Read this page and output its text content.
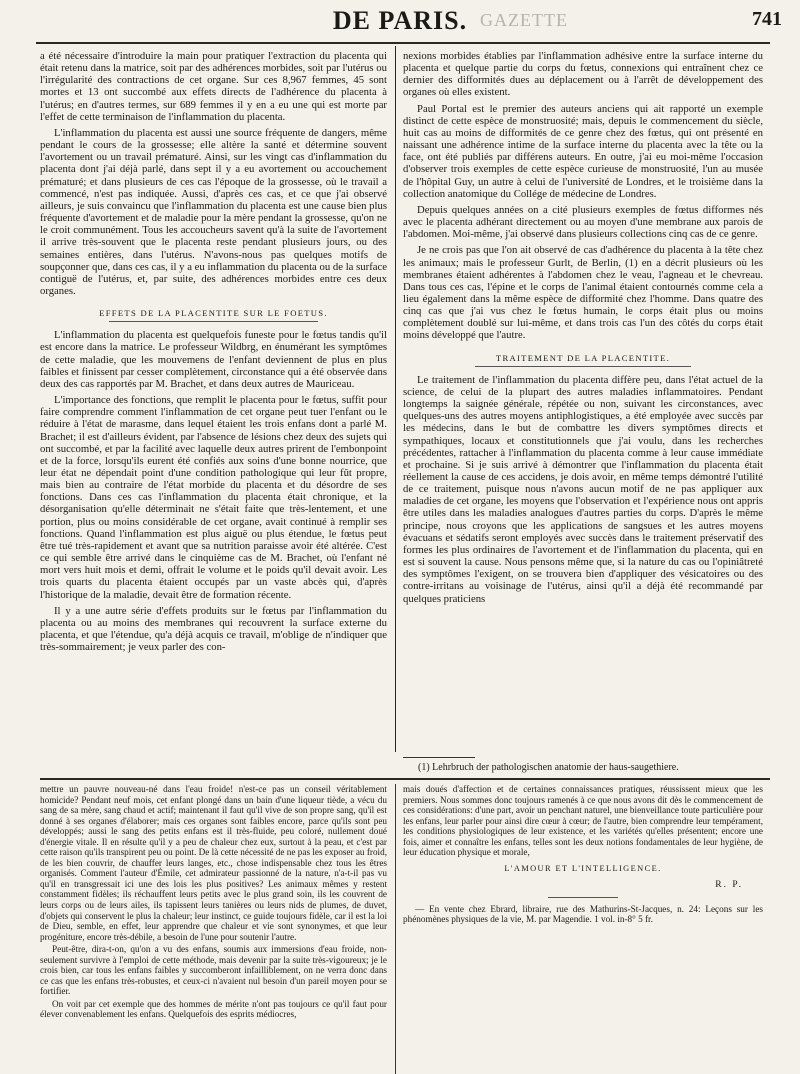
GAZETTE
DE PARIS.	741

a été nécessaire d'introduire la main pour pratiquer l'extraction du placenta qui était retenu dans la matrice, soit par des adhérences morbides, soit par l'utérus ou l'irrégularité des contractions de cet organe. Sur ces 8,967 femmes, 45 sont mortes et 13 ont succombé aux effets directs de l'adhérence du placenta à l'utérus; en d'autres termes, sur 689 femmes il y en a eu une qui est morte par l'effet de cette terminaison de l'inflammation du placenta.

L'inflammation du placenta est aussi une source fréquente de dangers, même pendant le cours de la grossesse; elle altère la santé et détermine souvent l'avortement ou un travail prématuré. Ainsi, sur les vingt cas d'inflammation du placenta dont j'ai déjà parlé, dans sept il y a eu avortement ou accouchement prématuré; et dans plusieurs de ces cas l'époque de la grossesse, où le travail a commencé, n'est pas indiquée. Aussi, d'après ces cas, et ce que j'ai observé ailleurs, je suis convaincu que l'inflammation du placenta est une cause bien plus fréquente d'avortement et de maladie pour la mère pendant la grossesse, qu'on ne le croit communément. Tous les accoucheurs savent qu'à la suite de l'avortement il arrive très-souvent que le placenta reste pendant plusieurs jours, ou des semaines entières, dans l'utérus. N'avons-nous pas quelques motifs de soupçonner que, dans ces cas, il y a eu inflammation du placenta ou de la surface contiguë de l'utérus, et, par suite, des adhérences morbides entre ces deux organes.

EFFETS DE LA PLACENTITE SUR LE FOETUS.

L'inflammation du placenta est quelquefois funeste pour le fœtus tandis qu'il est encore dans la matrice. Le professeur Wildbrg, en énumérant les symptômes de cette maladie, que les mouvemens de l'enfant deviennent de plus en plus faibles et finissent par cesser complètement, circonstance qui a été observée dans deux des cas rapportés par M. Brachet, et dans deux autres de Mauriceau.

L'importance des fonctions, que remplit le placenta pour le fœtus, suffit pour faire comprendre comment l'inflammation de cet organe peut tuer l'enfant ou le réduire à l'état de marasme, dans lequel étaient les trois enfans dont a parlé M. Brachet; il est d'ailleurs évident, par l'absence de lésions chez deux des sujets qui ont succombé, et par la facilité avec laquelle deux autres prirent de l'embonpoint et de la force, lorsqu'ils eurent été confiés aux soins d'une bonne nourrice, que leur état ne dépendait point d'une condition pathologique qui leur fût propre, mais bien au contraire de l'état morbide du placenta et du désordre de ses fonctions. Dans ces cas l'inflammation du placenta était chronique, et la désorganisation qu'elle déterminait ne s'était faite que très-lentement, et une portion, plus ou moins considérable de cet organe, avait continué à remplir ses fonctions. Quand l'inflammation est plus aiguë ou plus étendue, le fœtus peut être tué très-rapidement et avant que sa nutrition paraisse avoir été altérée. C'est ce qui semble être arrivé dans le cinquième cas de M. Brachet, où l'enfant né mort vers huit mois et demi, offrait le volume et le poids qu'il devait avoir. Les trois quarts du placenta étaient occupés par un vaste abcès qui, d'après l'historique de la maladie, devait être de formation récente.

Il y a une autre série d'effets produits sur le fœtus par l'inflammation du placenta ou au moins des membranes qui recouvrent la surface externe du placenta, et que l'étendue, qu'a déjà acquis ce travail, m'oblige de n'indiquer que très-sommairement; je veux parler des con-

nexions morbides établies par l'inflammation adhésive entre la surface interne du placenta et quelque partie du corps du fœtus, connexions qui entraînent chez ce dernier des difformités dues au déplacement ou à l'arrêt de développement des organes où elles existent.

Paul Portal est le premier des auteurs anciens qui ait rapporté un exemple distinct de cette espèce de monstruosité; mais, depuis le commencement du siècle, huit cas au moins de difformités de ce genre chez des fœtus, qui ont présenté en naissant une adhérence intime de la surface interne du placenta avec la tête ou la face, ont été publiés par différens auteurs. En outre, j'ai eu moi-même l'occasion d'observer trois exemples de cette espèce curieuse de monstruosité, l'un au musée de l'hôpital Guy, un autre à celui de l'université de Londres, et le troisième dans la collection anatomique du Collége de médecine de Londres.

Depuis quelques années on a cité plusieurs exemples de fœtus difformes nés avec le placenta adhérant directement ou au moyen d'une membrane aux parois de l'abdomen. Moi-même, j'ai observé dans plusieurs collections cinq cas de ce genre.

Je ne crois pas que l'on ait observé de cas d'adhérence du placenta à la tête chez les animaux; mais le professeur Gurlt, de Berlin, (1) en a décrit plusieurs où les membranes étaient adhérentes à l'abdomen chez le veau, l'agneau et le chevreau. Dans tous ces cas, l'épine et le corps de l'animal étaient contournés comme cela a lieu également dans la même espèce de difformité chez l'homme. Dans quatre des cinq cas que j'ai vus chez le fœtus humain, le corps était plus ou moins complètement doublé sur lui-même, et dans trois cas l'un des côtés du corps était moins développé que l'autre.

TRAITEMENT DE LA PLACENTITE.

Le traitement de l'inflammation du placenta diffère peu, dans l'état actuel de la science, de celui de la plupart des autres maladies inflammatoires. Pendant longtemps la saignée générale, répétée ou non, suivant les circonstances, avec quelques-uns des autres moyens antiphlogistiques, a été employée avec succès par les médecins, dans le but de combattre les divers symptômes directs et sympathiques, locaux et constitutionnels que j'ai voulu, dans les recherches précédentes, rattacher à l'inflammation du placenta comme à leur cause immédiate et prochaine. Si je suis arrivé à démontrer que l'inflammation du placenta était réellement la cause de ces accidens, je dois avoir, en même temps démontré l'utilité de ce traitement, puisque nous n'avons aucun motif de ne pas appliquer aux maladies de cet organe, les moyens que l'observation et l'expérience nous ont appris être utiles dans les maladies analogues d'autres parties du corps. D'après le même principe, nous croyons que les applications de sangsues et les autres moyens évacuans et sédatifs seront employés avec succès dans le traitement préservatif des formes les plus ordinaires de l'avortement et de l'inflammation du placenta, qui en est si souvent la cause. Nous pensons même que, si la nature du cas ou l'opiniâtreté des symptômes l'exigent, on se trouvera bien d'appliquer des vésicatoires ou des contre-irritans au voisinage de l'utérus, ainsi qu'il a déjà été recommandé par quelques praticiens

(1) Lehrbruch der pathologischen anatomie der haus-saugethiere.

mettre un pauvre nouveau-né dans l'eau froide! n'est-ce pas un conseil véritablement homicide? Pendant neuf mois, cet enfant plongé dans un bain d'une liqueur tiède, a vécu du sang de sa mère, sang chaud et actif; maintenant il faut qu'il vive de son propre sang, qu'il est donné à ses organes d'élaborer; mais ces organes sont faibles encore, parce qu'ils sont peu développés; aussi le sang des petits enfans est il très-fluide, peu coloré, nullement doué d'énergie vitale. Il en résulte qu'il y a peu de chaleur chez eux, surtout à la peau, et c'est par cette raison qu'ils transpirent peu ou point. De là cette nécessité de ne pas les exposer au froid, de les bien couvrir, de chauffer leurs langes, etc., chose indispensable chez tous les êtres organisés. Comment l'auteur d'Émile, cet admirateur passionné de la nature, n'a-t-il pas vu qu'il en transgressait ici une des lois les plus positives? Les animaux mêmes y restent constamment fidèles; ils réchauffent leurs petits avec le plus grand soin, ils les couvrent de leurs corps ou de leurs ailes, ils tapissent leurs tanières ou leurs nids de plumes, de duvet, d'objets qui conservent le plus la chaleur; leur instinct, ce guide toujours fidèle, car il est la loi de Dieu, semble, en effet, leur apprendre que chaleur et vie sont synonymes, et que leur progéniture, encore très-débile, a besoin de l'une pour soutenir l'autre.

Peut-être, dira-t-on, qu'on a vu des enfans, soumis aux immersions d'eau froide, non-seulement survivre à l'emploi de cette méthode, mais devenir par la suite très-vigoureux; je le crois bien, car tous les enfans faibles y succomberont infailliblement, on ne verra donc dans ce cas que les enfans très-robustes, et ceux-ci n'avaient nul besoin d'un pareil moyen pour se fortifier.

On voit par cet exemple que des hommes de mérite n'ont pas toujours ce qu'il faut pour élever convenablement les enfans. Quelquefois des esprits médiocres,

mais doués d'affection et de certaines connaissances pratiques, réussissent mieux que les premiers. Nous sommes donc toujours ramenés à ce que nous avons dit dès le commencement de ces considérations: d'une part, avoir un penchant naturel, une bienveillance toute particulière pour les enfans, leur parler pour ainsi dire cœur à cœur; de l'autre, bien comprendre leur tempérament, les conditions physiologiques de leur existence, et les variétés qu'elles présentent; encore une fois, aimer et connaître les enfans, telles sont les deux notions fondamentales de leur hygiène, de leur éducation physique et morale,

L'AMOUR ET L'INTELLIGENCE.
R. P.

— En vente chez Ebrard, libraire, rue des Mathurins-St-Jacques, n. 24: Leçons sur les phénomènes physiques de la vie, M. par Magendie. 1 vol. in-8° 5 fr.
